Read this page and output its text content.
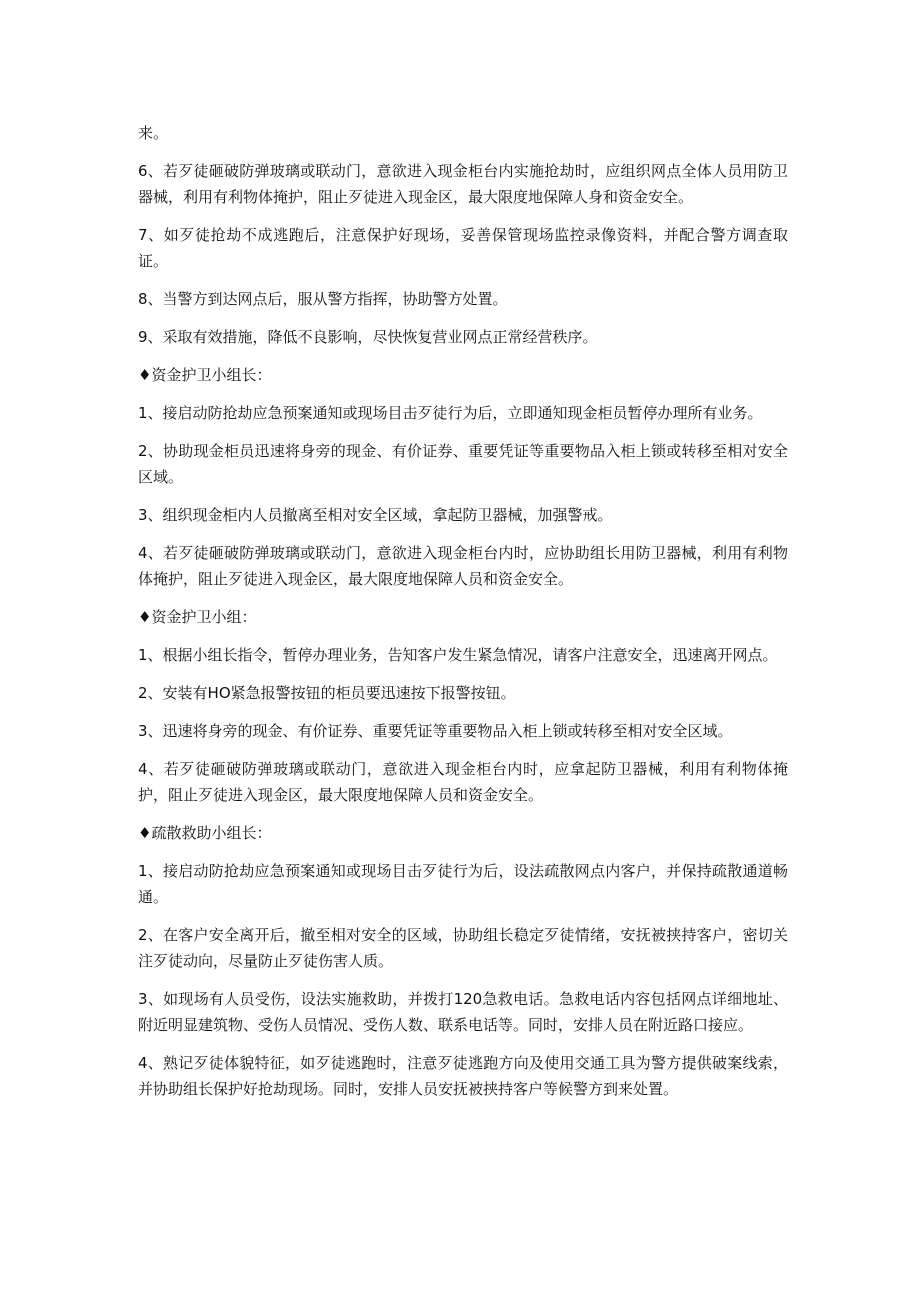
来。

6、若歹徒砸破防弹玻璃或联动门，意欲进入现金柜台内实施抢劫时，应组织网点全体人员用防卫器械，利用有利物体掩护，阻止歹徒进入现金区，最大限度地保障人身和资金安全。

7、如歹徒抢劫不成逃跑后，注意保护好现场，妥善保管现场监控录像资料，并配合警方调查取证。

8、当警方到达网点后，服从警方指挥，协助警方处置。

9、采取有效措施，降低不良影响，尽快恢复营业网点正常经营秩序。

♦资金护卫小组长：

1、接启动防抢劫应急预案通知或现场目击歹徒行为后，立即通知现金柜员暂停办理所有业务。

2、协助现金柜员迅速将身旁的现金、有价证券、重要凭证等重要物品入柜上锁或转移至相对安全区域。

3、组织现金柜内人员撤离至相对安全区域，拿起防卫器械，加强警戒。

4、若歹徒砸破防弹玻璃或联动门，意欲进入现金柜台内时，应协助组长用防卫器械，利用有利物体掩护，阻止歹徒进入现金区，最大限度地保障人员和资金安全。

♦资金护卫小组：

1、根据小组长指令，暂停办理业务，告知客户发生紧急情况，请客户注意安全，迅速离开网点。

2、安装有HO紧急报警按钮的柜员要迅速按下报警按钮。

3、迅速将身旁的现金、有价证券、重要凭证等重要物品入柜上锁或转移至相对安全区域。

4、若歹徒砸破防弹玻璃或联动门，意欲进入现金柜台内时，应拿起防卫器械，利用有利物体掩护，阻止歹徒进入现金区，最大限度地保障人员和资金安全。

♦疏散救助小组长：

1、接启动防抢劫应急预案通知或现场目击歹徒行为后，设法疏散网点内客户，并保持疏散通道畅通。

2、在客户安全离开后，撤至相对安全的区域，协助组长稳定歹徒情绪，安抚被挟持客户，密切关注歹徒动向，尽量防止歹徒伤害人质。

3、如现场有人员受伤，设法实施救助，并拨打120急救电话。急救电话内容包括网点详细地址、附近明显建筑物、受伤人员情况、受伤人数、联系电话等。同时，安排人员在附近路口接应。

4、熟记歹徒体貌特征，如歹徒逃跑时，注意歹徒逃跑方向及使用交通工具为警方提供破案线索，并协助组长保护好抢劫现场。同时，安排人员安抚被挟持客户等候警方到来处置。
